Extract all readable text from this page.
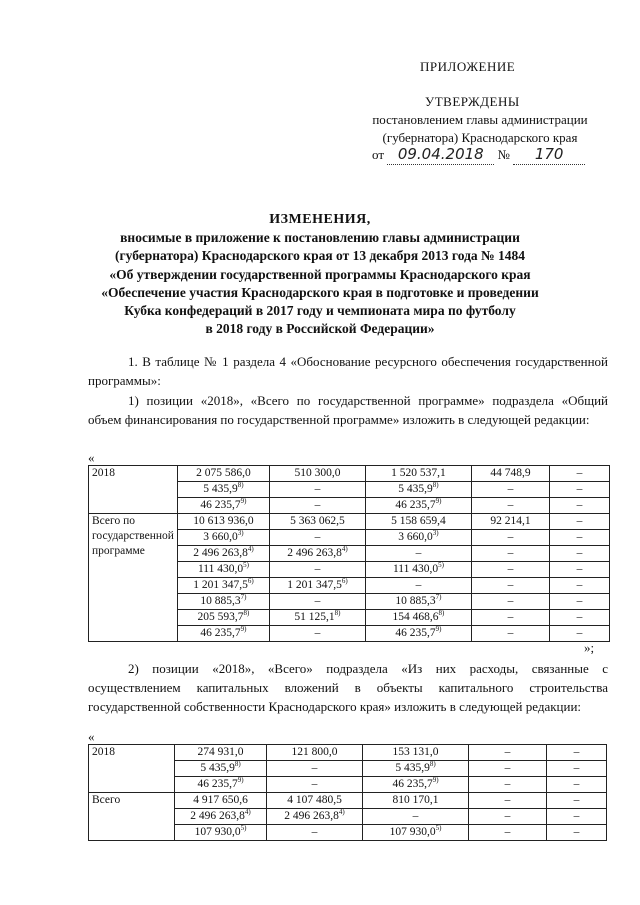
ПРИЛОЖЕНИЕ
УТВЕРЖДЕНЫ
постановлением главы администрации
(губернатора) Краснодарского края
от 09.04.2018 № 170
ИЗМЕНЕНИЯ,
вносимые в приложение к постановлению главы администрации
(губернатора) Краснодарского края от 13 декабря 2013 года № 1484
«Об утверждении государственной программы Краснодарского края
«Обеспечение участия Краснодарского края в подготовке и проведении
Кубка конфедераций в 2017 году и чемпионата мира по футболу
в 2018 году в Российской Федерации»
1. В таблице № 1 раздела 4 «Обоснование ресурсного обеспечения государственной программы»:
1) позиции «2018», «Всего по государственной программе» подраздела «Общий объем финансирования по государственной программе» изложить в следующей редакции:
«
2018	2 075 586,0	510 300,0	1 520 537,1	44 748,9	–
	5 435,9$^{8)}$	–	5 435,9$^{8)}$	–	–
	46 235,7$^{9)}$	–	46 235,7$^{9)}$	–	–
Всего по государственной программе	10 613 936,0	5 363 062,5	5 158 659,4	92 214,1	–
	3 660,0$^{3)}$	–	3 660,0$^{3)}$	–	–
	2 496 263,8$^{4)}$	2 496 263,8$^{4)}$	–	–	–
	111 430,0$^{5)}$	–	111 430,0$^{5)}$	–	–
	1 201 347,5$^{6)}$	1 201 347,5$^{6)}$	–	–	–
	10 885,3$^{7)}$	–	10 885,3$^{7)}$	–	–
	205 593,7$^{8)}$	51 125,1$^{8)}$	154 468,6$^{8)}$	–	–
	46 235,7$^{9)}$	–	46 235,7$^{9)}$	–	–
»;
2) позиции «2018», «Всего» подраздела «Из них расходы, связанные с осуществлением капитальных вложений в объекты капитального строительства государственной собственности Краснодарского края» изложить в следующей редакции:
«
2018	274 931,0	121 800,0	153 131,0	–	–
	5 435,9$^{8)}$	–	5 435,9$^{8)}$	–	–
	46 235,7$^{9)}$	–	46 235,7$^{9)}$	–	–
Всего	4 917 650,6	4 107 480,5	810 170,1	–	–
	2 496 263,8$^{4)}$	2 496 263,8$^{4)}$	–	–	–
	107 930,0$^{5)}$	–	107 930,0$^{5)}$	–	–
